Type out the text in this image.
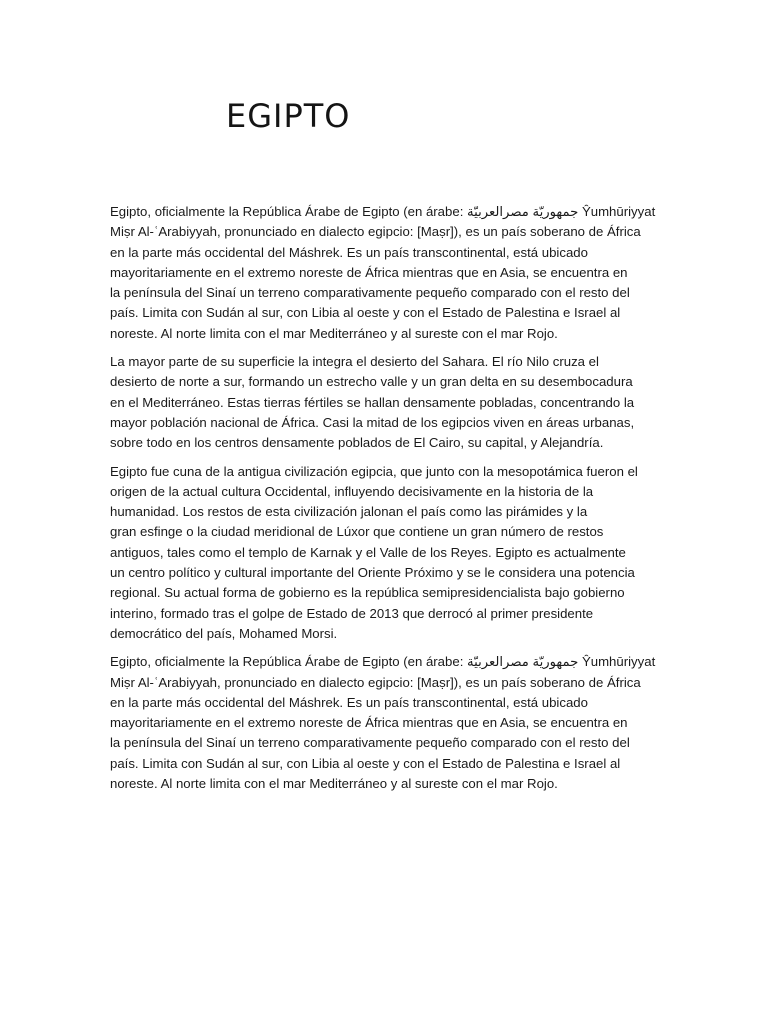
EGIPTO

Egipto, oficialmente la República Árabe de Egipto (en árabe: جمهوريّة مصرالعربيّة Ŷumhūriyyat
Miṣr Al-ʿArabiyyah, pronunciado en dialecto egipcio: [Maṣr]), es un país soberano de África
en la parte más occidental del Máshrek. Es un país transcontinental, está ubicado
mayoritariamente en el extremo noreste de África mientras que en Asia, se encuentra en
la península del Sinaí un terreno comparativamente pequeño comparado con el resto del
país. Limita con Sudán al sur, con Libia al oeste y con el Estado de Palestina e Israel al
noreste. Al norte limita con el mar Mediterráneo y al sureste con el mar Rojo.

La mayor parte de su superficie la integra el desierto del Sahara. El río Nilo cruza el
desierto de norte a sur, formando un estrecho valle y un gran delta en su desembocadura
en el Mediterráneo. Estas tierras fértiles se hallan densamente pobladas, concentrando la
mayor población nacional de África. Casi la mitad de los egipcios viven en áreas urbanas,
sobre todo en los centros densamente poblados de El Cairo, su capital, y Alejandría.

Egipto fue cuna de la antigua civilización egipcia, que junto con la mesopotámica fueron el
origen de la actual cultura Occidental, influyendo decisivamente en la historia de la
humanidad. Los restos de esta civilización jalonan el país como las pirámides y la
gran esfinge o la ciudad meridional de Lúxor que contiene un gran número de restos
antiguos, tales como el templo de Karnak y el Valle de los Reyes. Egipto es actualmente
un centro político y cultural importante del Oriente Próximo y se le considera una potencia
regional. Su actual forma de gobierno es la república semipresidencialista bajo gobierno
interino, formado tras el golpe de Estado de 2013 que derrocó al primer presidente
democrático del país, Mohamed Morsi.

Egipto, oficialmente la República Árabe de Egipto (en árabe: جمهوريّة مصرالعربيّة Ŷumhūriyyat
Miṣr Al-ʿArabiyyah, pronunciado en dialecto egipcio: [Maṣr]), es un país soberano de África
en la parte más occidental del Máshrek. Es un país transcontinental, está ubicado
mayoritariamente en el extremo noreste de África mientras que en Asia, se encuentra en
la península del Sinaí un terreno comparativamente pequeño comparado con el resto del
país. Limita con Sudán al sur, con Libia al oeste y con el Estado de Palestina e Israel al
noreste. Al norte limita con el mar Mediterráneo y al sureste con el mar Rojo.
